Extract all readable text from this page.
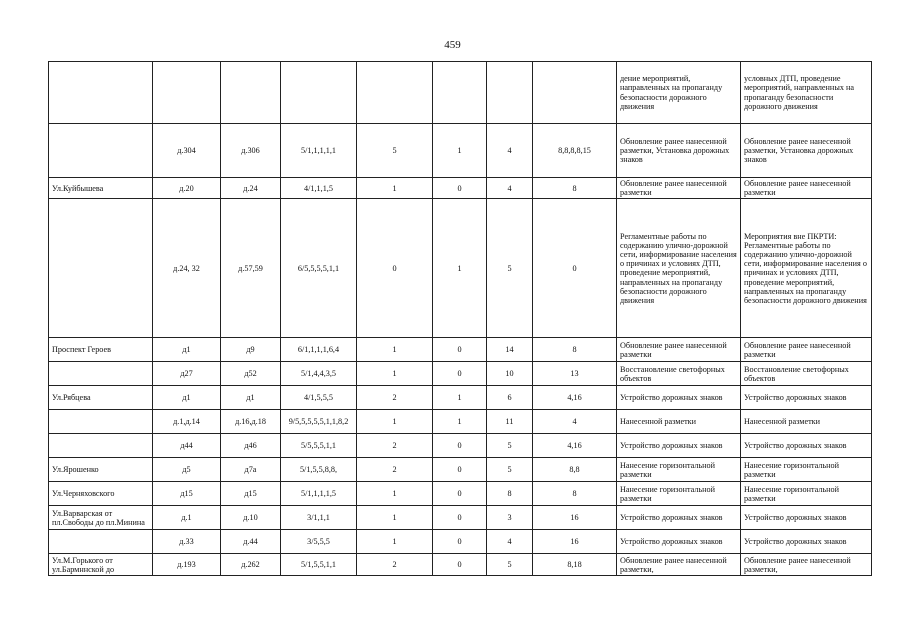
459
								дение мероприятий, направленных на пропаганду безопасности дорожного движения	условных ДТП, проведение мероприятий, направленных на пропаганду безопасности дорожного движения
	д.304	д.306	5/1,1,1,1,1	5	1	4	8,8,8,8,15	Обновление ранее нанесенной разметки, Установка дорожных знаков	Обновление ранее нанесенной разметки, Установка дорожных знаков
Ул.Куйбышева	д.20	д.24	4/1,1,1,5	1	0	4	8	Обновление ранее нанесенной разметки	Обновление ранее нанесенной разметки
	д.24, 32	д.57,59	6/5,5,5,5,1,1	0	1	5	0	Регламентные работы по содержанию улично-дорожной сети, информирование населения о причинах и условиях ДТП, проведение мероприятий, направленных на пропаганду безопасности дорожного движения	Мероприятия вне ПКРТИ: Регламентные работы по содержанию улично-дорожной сети, информирование населения о причинах и условиях ДТП, проведение мероприятий, направленных на пропаганду безопасности дорожного движения
Проспект Героев	д1	д9	6/1,1,1,1,6,4	1	0	14	8	Обновление ранее нанесенной разметки	Обновление ранее нанесенной разметки
	д27	д52	5/1,4,4,3,5	1	0	10	13	Восстановление светофорных объектов	Восстановление светофорных объектов
Ул.Рябцева	д1	д1	4/1,5,5,5	2	1	6	4,16	Устройство дорожных знаков	Устройство дорожных знаков
	д.1,д.14	д.16,д.18	9/5,5,5,5,5,1,1,8,2	1	1	11	4	Нанесенной разметки	Нанесенной разметки
	д44	д46	5/5,5,5,1,1	2	0	5	4,16	Устройство дорожных знаков	Устройство дорожных знаков
Ул.Ярошенко	д5	д7а	5/1,5,5,8,8,	2	0	5	8,8	Нанесение горизонтальной разметки	Нанесение горизонтальной разметки
Ул.Черняховского	д15	д15	5/1,1,1,1,5	1	0	8	8	Нанесение горизонтальной разметки	Нанесение горизонтальной разметки
Ул.Варварская от пл.Свободы до пл.Минина	д.1	д.10	3/1,1,1	1	0	3	16	Устройство дорожных знаков	Устройство дорожных знаков
	д.33	д.44	3/5,5,5	1	0	4	16	Устройство дорожных знаков	Устройство дорожных знаков
Ул.М.Горького от ул.Бармннской до	д.193	д.262	5/1,5,5,1,1	2	0	5	8,18	Обновление ранее нанесенной разметки,	Обновление ранее нанесенной разметки,
